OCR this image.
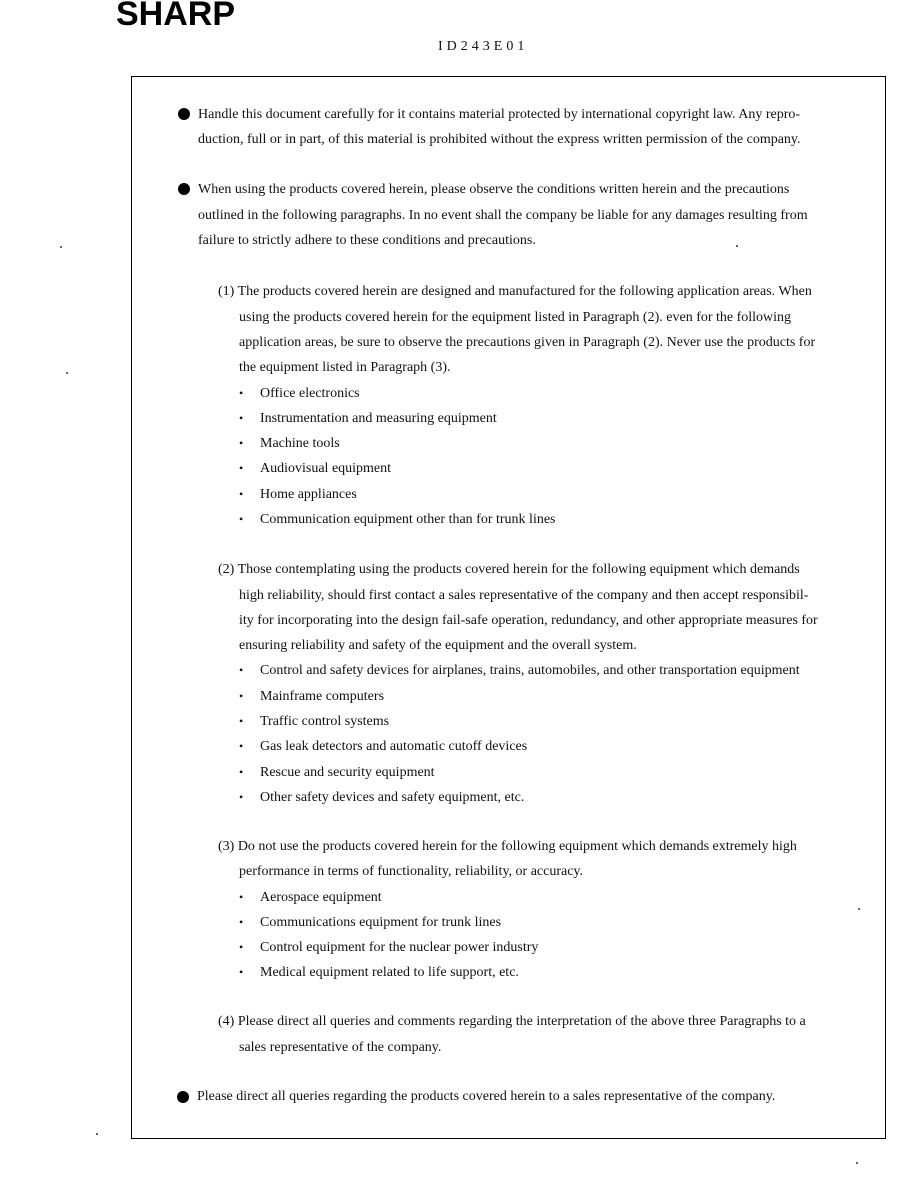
SHARP
ID243E01
Handle this document carefully for it contains material protected by international copyright law. Any repro-
duction, full or in part, of this material is prohibited without the express written permission of the company.
When using the products covered herein, please observe the conditions written herein and the precautions
outlined in the following paragraphs. In no event shall the company be liable for any damages resulting from
failure to strictly adhere to these conditions and precautions.
(1) The products covered herein are designed and manufactured for the following application areas. When
using the products covered herein for the equipment listed in Paragraph (2). even for the following
application areas, be sure to observe the precautions given in Paragraph (2). Never use the products for
the equipment listed in Paragraph (3).
• Office electronics
• Instrumentation and measuring equipment
• Machine tools
• Audiovisual equipment
• Home appliances
• Communication equipment other than for trunk lines
(2) Those contemplating using the products covered herein for the following equipment which demands
high reliability, should first contact a sales representative of the company and then accept responsibil-
ity for incorporating into the design fail-safe operation, redundancy, and other appropriate measures for
ensuring reliability and safety of the equipment and the overall system.
• Control and safety devices for airplanes, trains, automobiles, and other transportation equipment
• Mainframe computers
• Traffic control systems
• Gas leak detectors and automatic cutoff devices
• Rescue and security equipment
• Other safety devices and safety equipment, etc.
(3) Do not use the products covered herein for the following equipment which demands extremely high
performance in terms of functionality, reliability, or accuracy.
• Aerospace equipment
• Communications equipment for trunk lines
• Control equipment for the nuclear power industry
• Medical equipment related to life support, etc.
(4) Please direct all queries and comments regarding the interpretation of the above three Paragraphs to a
sales representative of the company.
Please direct all queries regarding the products covered herein to a sales representative of the company.
